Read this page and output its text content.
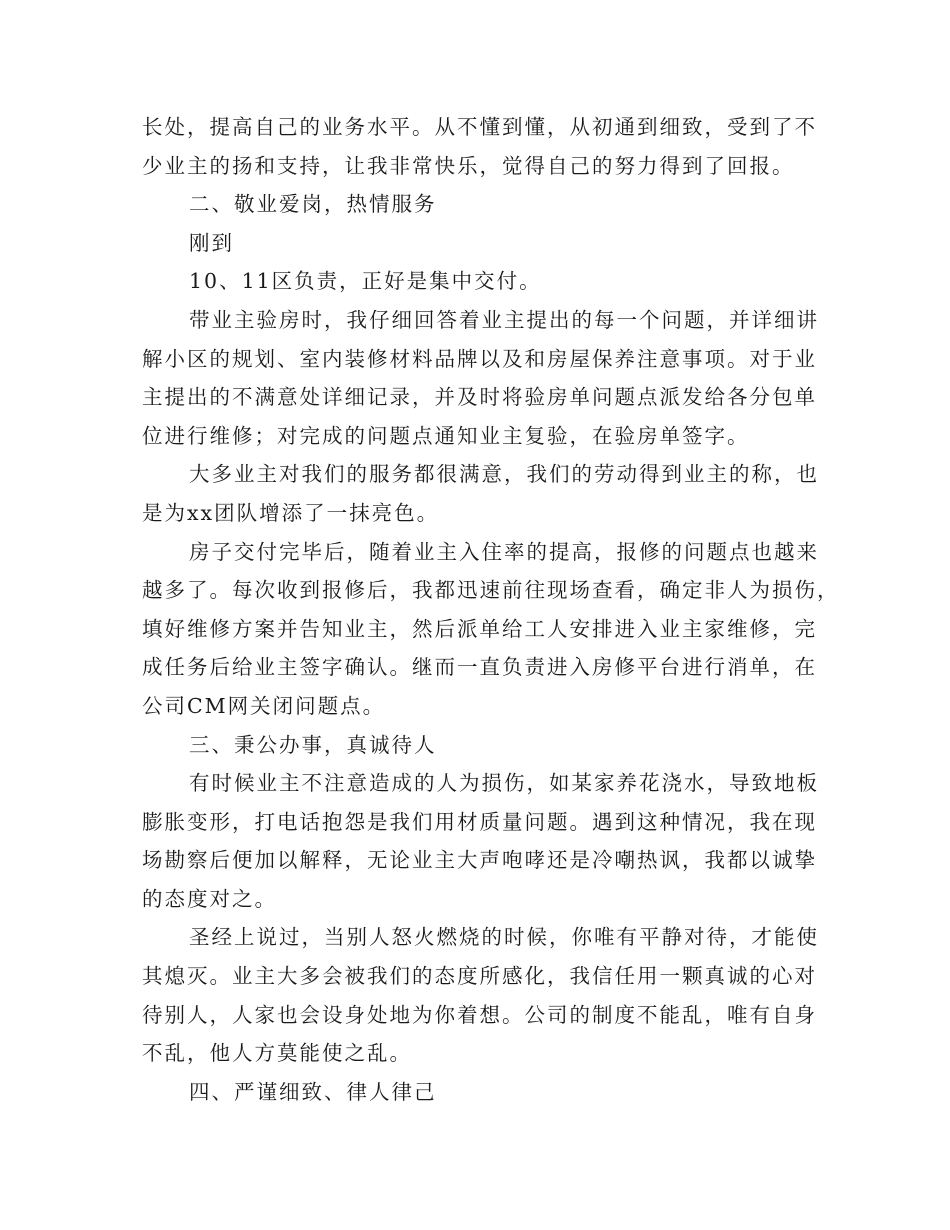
长处，提高自己的业务水平。从不懂到懂，从初通到细致，受到了不
少业主的扬和支持，让我非常快乐，觉得自己的努力得到了回报。
二、敬业爱岗，热情服务
刚到
10、11区负责，正好是集中交付。
带业主验房时，我仔细回答着业主提出的每一个问题，并详细讲
解小区的规划、室内装修材料品牌以及和房屋保养注意事项。对于业
主提出的不满意处详细记录，并及时将验房单问题点派发给各分包单
位进行维修；对完成的问题点通知业主复验，在验房单签字。
大多业主对我们的服务都很满意，我们的劳动得到业主的称，也
是为xx团队增添了一抹亮色。
房子交付完毕后，随着业主入住率的提高，报修的问题点也越来
越多了。每次收到报修后，我都迅速前往现场查看，确定非人为损伤，
填好维修方案并告知业主，然后派单给工人安排进入业主家维修，完
成任务后给业主签字确认。继而一直负责进入房修平台进行消单，在
公司CM网关闭问题点。
三、秉公办事，真诚待人
有时候业主不注意造成的人为损伤，如某家养花浇水，导致地板
膨胀变形，打电话抱怨是我们用材质量问题。遇到这种情况，我在现
场勘察后便加以解释，无论业主大声咆哮还是冷嘲热讽，我都以诚挚
的态度对之。
圣经上说过，当别人怒火燃烧的时候，你唯有平静对待，才能使
其熄灭。业主大多会被我们的态度所感化，我信任用一颗真诚的心对
待别人，人家也会设身处地为你着想。公司的制度不能乱，唯有自身
不乱，他人方莫能使之乱。
四、严谨细致、律人律己
